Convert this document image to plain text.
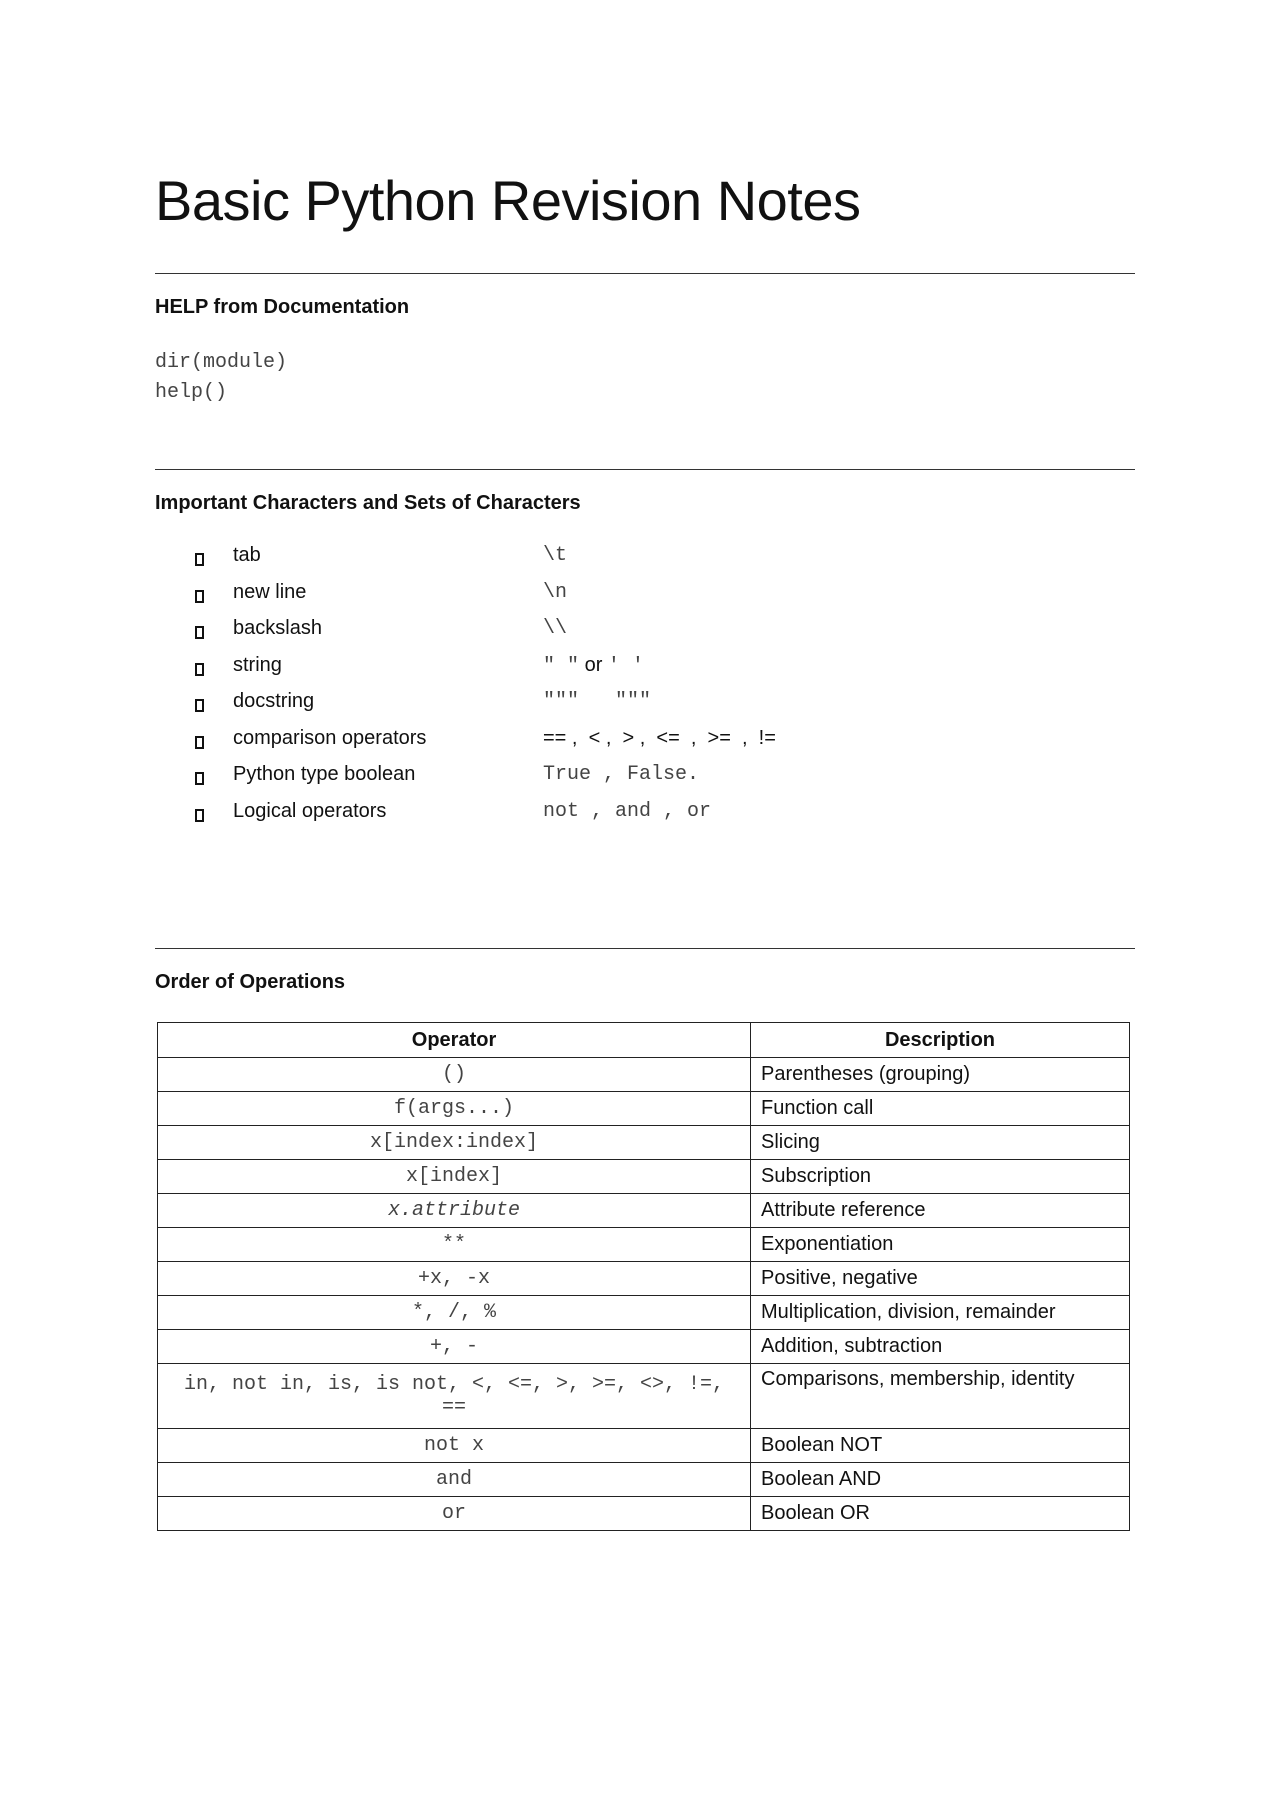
Basic Python Revision Notes
HELP from Documentation
dir(module)
help()
Important Characters and Sets of Characters
tab	\t
new line	\n
backslash	\\
string	" " or ' '
docstring	"""   """
comparison operators	== ,  < ,  > ,  <=  ,  >=  ,  !=
Python type boolean	True , False.
Logical operators	not , and , or
Order of Operations
Operator	Description
()	Parentheses (grouping)
f(args...)	Function call
x[index:index]	Slicing
x[index]	Subscription
x.attribute	Attribute reference
**	Exponentiation
+x, -x	Positive, negative
*, /, %	Multiplication, division, remainder
+, -	Addition, subtraction
in, not in, is, is not, <, <=, >, >=, <>, !=, ==	Comparisons, membership, identity
not x	Boolean NOT
and	Boolean AND
or	Boolean OR
